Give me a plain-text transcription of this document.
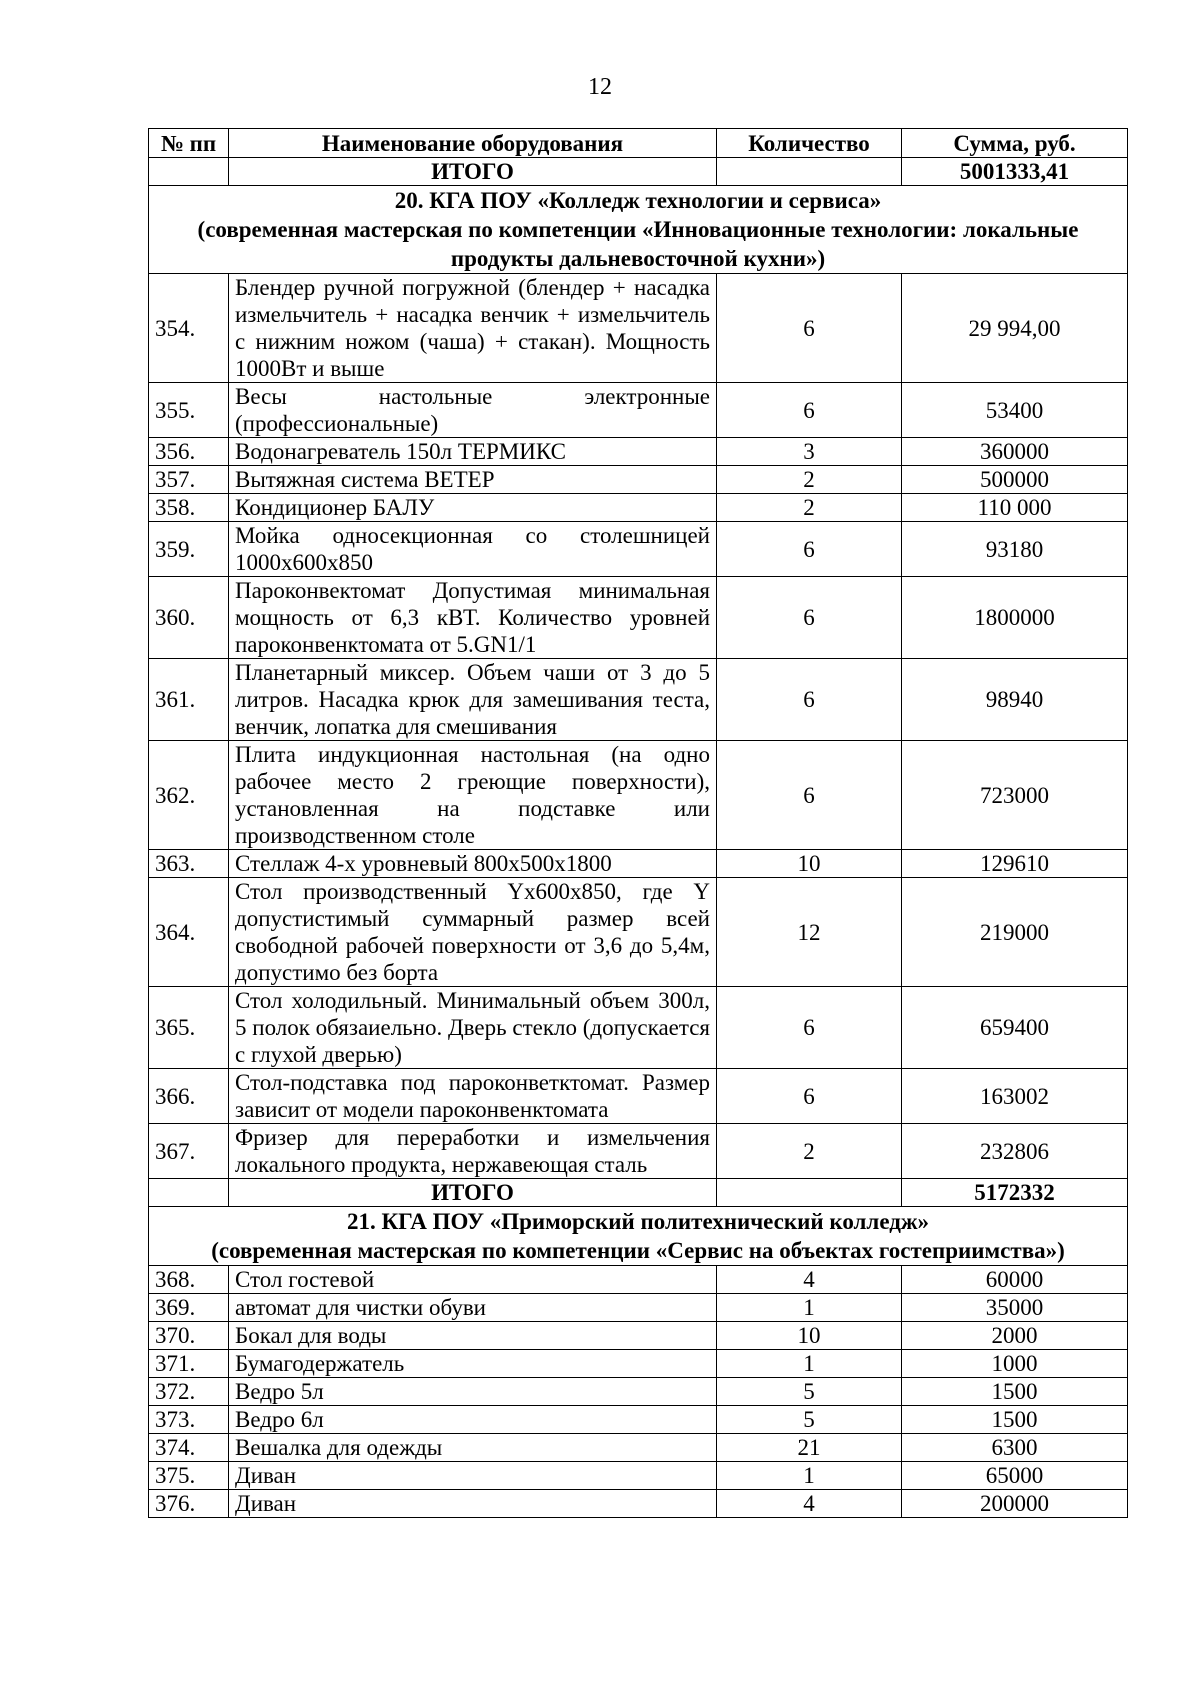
12
№ пп	Наименование оборудования	Количество	Сумма, руб.
	ИТОГО		5001333,41

20. КГА ПОУ «Колледж технологии и сервиса»
(современная мастерская по компетенции «Инновационные технологии: локальные продукты дальневосточной кухни»)			

354.	Блендер ручной погружной (блендер + насадка измельчитель + насадка венчик + измельчитель с нижним ножом (чаша) + стакан). Мощность 1000Вт и выше	6	29 994,00
355.	Весы настольные электронные (профессиональные)	6	53400
356.	Водонагреватель 150л ТЕРМИКС	3	360000
357.	Вытяжная система ВЕТЕР	2	500000
358.	Кондиционер БАЛУ	2	110 000
359.	Мойка односекционная со столешницей 1000х600х850	6	93180
360.	Пароконвектомат Допустимая минимальная мощность от 6,3 кВТ. Количество уровней пароконвенктомата от 5.GN1/1	6	1800000
361.	Планетарный миксер. Объем чаши от 3 до 5 литров. Насадка крюк для замешивания теста, венчик, лопатка для смешивания	6	98940
362.	Плита индукционная настольная (на одно рабочее место 2 греющие поверхности), установленная на подставке или производственном столе	6	723000
363.	Стеллаж 4-х уровневый 800х500х1800	10	129610
364.	Стол производственный Yх600х850, где Y допустистимый суммарный размер всей свободной рабочей поверхности от 3,6 до 5,4м, допустимо без борта	12	219000
365.	Стол холодильный. Минимальный объем 300л, 5 полок обязаиельно. Дверь стекло (допускается с глухой дверью)	6	659400
366.	Стол-подставка под пароконветктомат. Размер зависит от модели пароконвенктомата	6	163002
367.	Фризер для переработки и измельчения локального продукта, нержавеющая сталь	2	232806
	ИТОГО		5172332

21. КГА ПОУ «Приморский политехнический колледж»
(современная мастерская по компетенции «Сервис на объектах гостеприимства»)			

368.	Стол гостевой	4	60000
369.	автомат для чистки обуви	1	35000
370.	Бокал для воды	10	2000
371.	Бумагодержатель	1	1000
372.	Ведро 5л	5	1500
373.	Ведро 6л	5	1500
374.	Вешалка для одежды	21	6300
375.	Диван	1	65000
376.	Диван	4	200000
